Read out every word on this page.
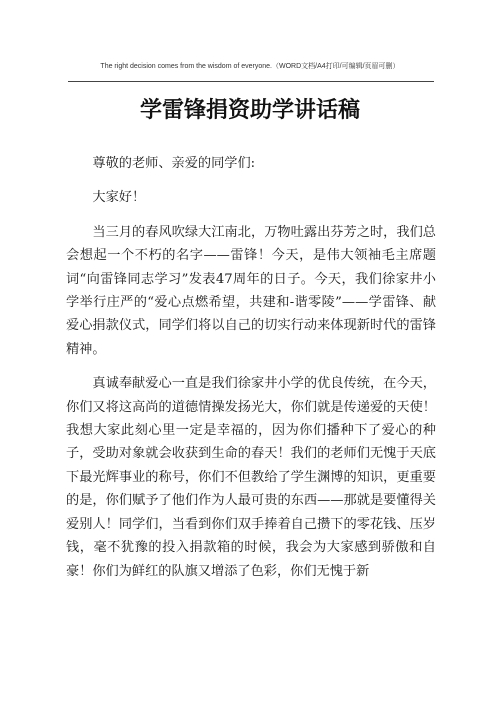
The right decision comes from the wisdom of everyone.（WORD文档/A4打印/可编辑/页眉可删）
学雷锋捐资助学讲话稿

尊敬的老师、亲爱的同学们:

大家好！

当三月的春风吹绿大江南北，万物吐露出芬芳之时，我们总会想起一个不朽的名字——雷锋！今天，是伟大领袖毛主席题词“向雷锋同志学习”发表47周年的日子。今天，我们徐家井小学举行庄严的“爱心点燃希望，共建和-谐零陵”——学雷锋、献爱心捐款仪式，同学们将以自己的切实行动来体现新时代的雷锋精神。

真诚奉献爱心一直是我们徐家井小学的优良传统，在今天，你们又将这高尚的道德情操发扬光大，你们就是传递爱的天使！我想大家此刻心里一定是幸福的，因为你们播种下了爱心的种子，受助对象就会收获到生命的春天！我们的老师们无愧于天底下最光辉事业的称号，你们不但教给了学生渊博的知识，更重要的是，你们赋予了他们作为人最可贵的东西——那就是要懂得关爱别人！同学们，当看到你们双手捧着自己攒下的零花钱、压岁钱，毫不犹豫的投入捐款箱的时候，我会为大家感到骄傲和自豪！你们为鲜红的队旗又增添了色彩，你们无愧于新
